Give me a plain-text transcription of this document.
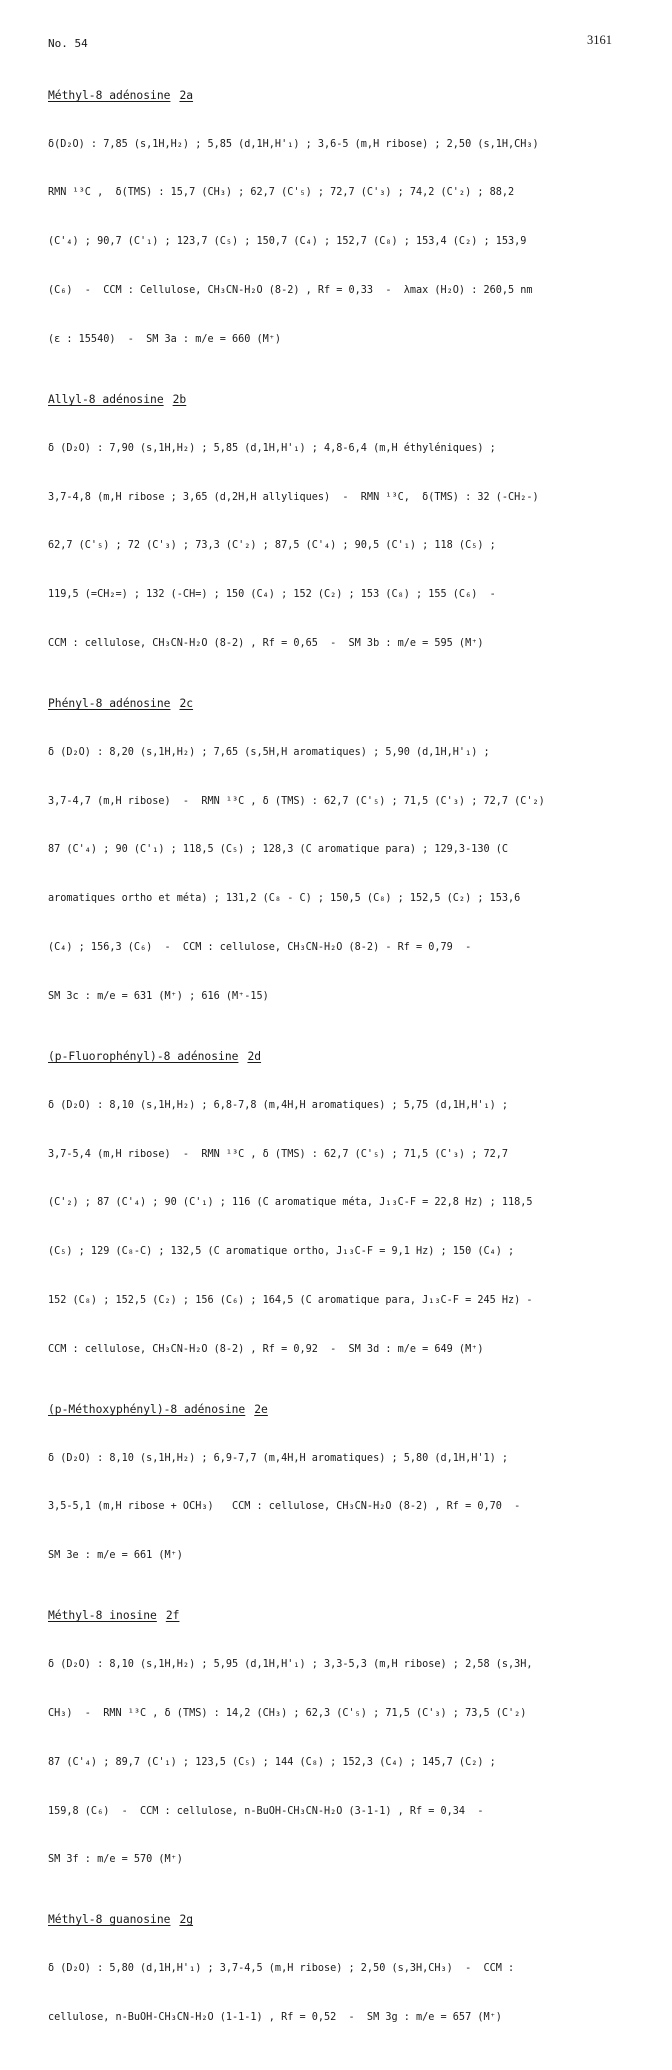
No. 54	3161
Méthyl-8 adénosine 2a

δ(D₂O) : 7,85 (s,1H,H₂) ; 5,85 (d,1H,H'₁) ; 3,6-5 (m,H ribose) ; 2,50 (s,1H,CH₃)

RMN ¹³C ,  δ(TMS) : 15,7 (CH₃) ; 62,7 (C'₅) ; 72,7 (C'₃) ; 74,2 (C'₂) ; 88,2

(C'₄) ; 90,7 (C'₁) ; 123,7 (C₅) ; 150,7 (C₄) ; 152,7 (C₈) ; 153,4 (C₂) ; 153,9

(C₆)  -  CCM : Cellulose, CH₃CN-H₂O (8-2) , Rf = 0,33  -  λmax (H₂O) : 260,5 nm

(ε : 15540)  -  SM 3a : m/e = 660 (M⁺)

Allyl-8 adénosine 2b

δ (D₂O) : 7,90 (s,1H,H₂) ; 5,85 (d,1H,H'₁) ; 4,8-6,4 (m,H éthyléniques) ;

3,7-4,8 (m,H ribose ; 3,65 (d,2H,H allyliques)  -  RMN ¹³C,  δ(TMS) : 32 (-CH₂-)

62,7 (C'₅) ; 72 (C'₃) ; 73,3 (C'₂) ; 87,5 (C'₄) ; 90,5 (C'₁) ; 118 (C₅) ;

119,5 (=CH₂=) ; 132 (-CH=) ; 150 (C₄) ; 152 (C₂) ; 153 (C₈) ; 155 (C₆)  -

CCM : cellulose, CH₃CN-H₂O (8-2) , Rf = 0,65  -  SM 3b : m/e = 595 (M⁺)

Phényl-8 adénosine 2c

δ (D₂O) : 8,20 (s,1H,H₂) ; 7,65 (s,5H,H aromatiques) ; 5,90 (d,1H,H'₁) ;

3,7-4,7 (m,H ribose)  -  RMN ¹³C , δ (TMS) : 62,7 (C'₅) ; 71,5 (C'₃) ; 72,7 (C'₂)

87 (C'₄) ; 90 (C'₁) ; 118,5 (C₅) ; 128,3 (C aromatique para) ; 129,3-130 (C

aromatiques ortho et méta) ; 131,2 (C₈ - C) ; 150,5 (C₈) ; 152,5 (C₂) ; 153,6

(C₄) ; 156,3 (C₆)  -  CCM : cellulose, CH₃CN-H₂O (8-2) - Rf = 0,79  -

SM 3c : m/e = 631 (M⁺) ; 616 (M⁺-15)

(p-Fluorophényl)-8 adénosine 2d

δ (D₂O) : 8,10 (s,1H,H₂) ; 6,8-7,8 (m,4H,H aromatiques) ; 5,75 (d,1H,H'₁) ;

3,7-5,4 (m,H ribose)  -  RMN ¹³C , δ (TMS) : 62,7 (C'₅) ; 71,5 (C'₃) ; 72,7

(C'₂) ; 87 (C'₄) ; 90 (C'₁) ; 116 (C aromatique méta, J₁₃C-F = 22,8 Hz) ; 118,5

(C₅) ; 129 (C₈-C) ; 132,5 (C aromatique ortho, J₁₃C-F = 9,1 Hz) ; 150 (C₄) ;

152 (C₈) ; 152,5 (C₂) ; 156 (C₆) ; 164,5 (C aromatique para, J₁₃C-F = 245 Hz) -

CCM : cellulose, CH₃CN-H₂O (8-2) , Rf = 0,92  -  SM 3d : m/e = 649 (M⁺)

(p-Méthoxyphényl)-8 adénosine 2e

δ (D₂O) : 8,10 (s,1H,H₂) ; 6,9-7,7 (m,4H,H aromatiques) ; 5,80 (d,1H,H'1) ;

3,5-5,1 (m,H ribose + OCH₃)   CCM : cellulose, CH₃CN-H₂O (8-2) , Rf = 0,70  -

SM 3e : m/e = 661 (M⁺)

Méthyl-8 inosine 2f

δ (D₂O) : 8,10 (s,1H,H₂) ; 5,95 (d,1H,H'₁) ; 3,3-5,3 (m,H ribose) ; 2,58 (s,3H,

CH₃)  -  RMN ¹³C , δ (TMS) : 14,2 (CH₃) ; 62,3 (C'₅) ; 71,5 (C'₃) ; 73,5 (C'₂)

87 (C'₄) ; 89,7 (C'₁) ; 123,5 (C₅) ; 144 (C₈) ; 152,3 (C₄) ; 145,7 (C₂) ;

159,8 (C₆)  -  CCM : cellulose, n-BuOH-CH₃CN-H₂O (3-1-1) , Rf = 0,34  -

SM 3f : m/e = 570 (M⁺)

Méthyl-8 guanosine 2g

δ (D₂O) : 5,80 (d,1H,H'₁) ; 3,7-4,5 (m,H ribose) ; 2,50 (s,3H,CH₃)  -  CCM :

cellulose, n-BuOH-CH₃CN-H₂O (1-1-1) , Rf = 0,52  -  SM 3g : m/e = 657 (M⁺)
